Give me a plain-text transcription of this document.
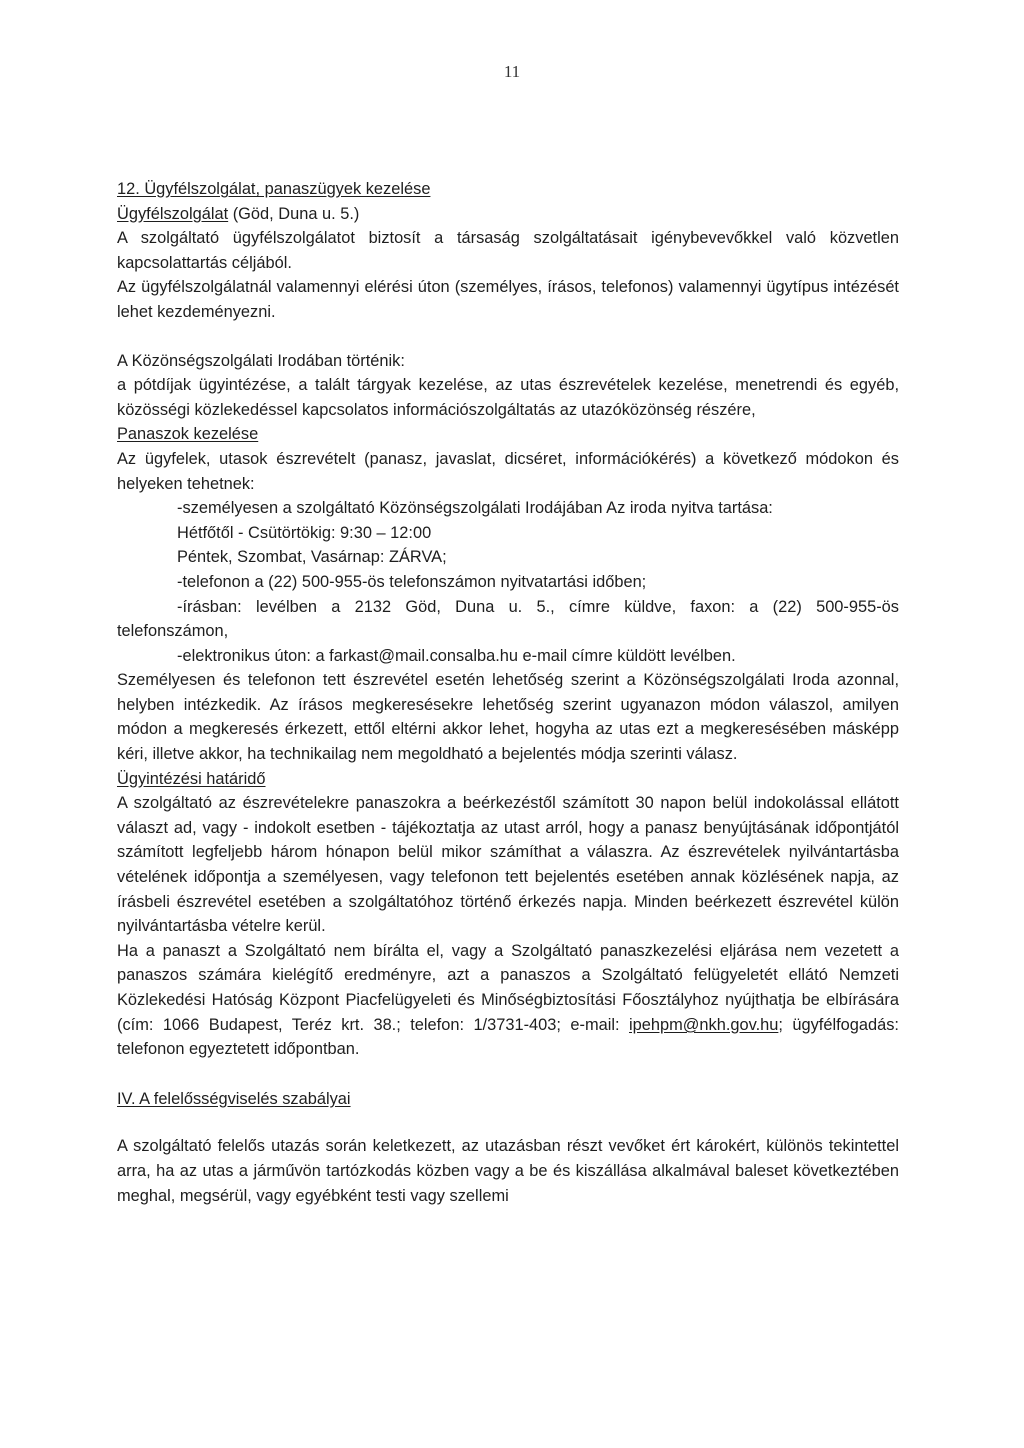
11

12. Ügyfélszolgálat, panaszügyek kezelése

Ügyfélszolgálat (Göd, Duna u. 5.)

A szolgáltató ügyfélszolgálatot biztosít a társaság szolgáltatásait igénybevevőkkel való közvetlen kapcsolattartás céljából.

Az ügyfélszolgálatnál valamennyi elérési úton (személyes, írásos, telefonos) valamennyi ügytípus intézését lehet kezdeményezni.

A Közönségszolgálati Irodában történik:

a pótdíjak ügyintézése, a talált tárgyak kezelése, az utas észrevételek kezelése, menetrendi és egyéb, közösségi közlekedéssel kapcsolatos információszolgáltatás az utazóközönség részére,

Panaszok kezelése

Az ügyfelek, utasok észrevételt (panasz, javaslat, dicséret, információkérés) a következő módokon és helyeken tehetnek:

-személyesen a szolgáltató Közönségszolgálati Irodájában Az iroda nyitva tartása:

Hétfőtől - Csütörtökig: 9:30 – 12:00

Péntek, Szombat, Vasárnap: ZÁRVA;

-telefonon a (22) 500-955-ös telefonszámon nyitvatartási időben;

-írásban: levélben a 2132 Göd, Duna u. 5., címre küldve, faxon: a (22) 500-955-ös

telefonszámon,

-elektronikus úton: a farkast@mail.consalba.hu e-mail címre küldött levélben.

Személyesen és telefonon tett észrevétel esetén lehetőség szerint a Közönségszolgálati Iroda azonnal, helyben intézkedik. Az írásos megkeresésekre lehetőség szerint ugyanazon módon válaszol, amilyen módon a megkeresés érkezett, ettől eltérni akkor lehet, hogyha az utas ezt a megkeresésében másképp kéri, illetve akkor, ha technikailag nem megoldható a bejelentés módja szerinti válasz.

Ügyintézési határidő

A szolgáltató az észrevételekre panaszokra a beérkezéstől számított 30 napon belül indokolással ellátott választ ad, vagy - indokolt esetben - tájékoztatja az utast arról, hogy a panasz benyújtásának időpontjától számított legfeljebb három hónapon belül mikor számíthat a válaszra. Az észrevételek nyilvántartásba vételének időpontja a személyesen, vagy telefonon tett bejelentés esetében annak közlésének napja, az írásbeli észrevétel esetében a szolgáltatóhoz történő érkezés napja. Minden beérkezett észrevétel külön nyilvántartásba vételre kerül.

Ha a panaszt a Szolgáltató nem bírálta el, vagy a Szolgáltató panaszkezelési eljárása nem vezetett a panaszos számára kielégítő eredményre, azt a panaszos a Szolgáltató felügyeletét ellátó Nemzeti Közlekedési Hatóság Központ Piacfelügyeleti és Minőségbiztosítási Főosztályhoz nyújthatja be elbírására (cím: 1066 Budapest, Teréz krt. 38.; telefon: 1/3731-403; e-mail: ipehpm@nkh.gov.hu; ügyfélfogadás: telefonon egyeztetett időpontban.

IV. A felelősségviselés szabályai

A szolgáltató felelős utazás során keletkezett, az utazásban részt vevőket ért károkért, különös tekintettel arra, ha az utas a járművön tartózkodás közben vagy a be és kiszállása alkalmával baleset következtében meghal, megsérül, vagy egyébként testi vagy szellemi
